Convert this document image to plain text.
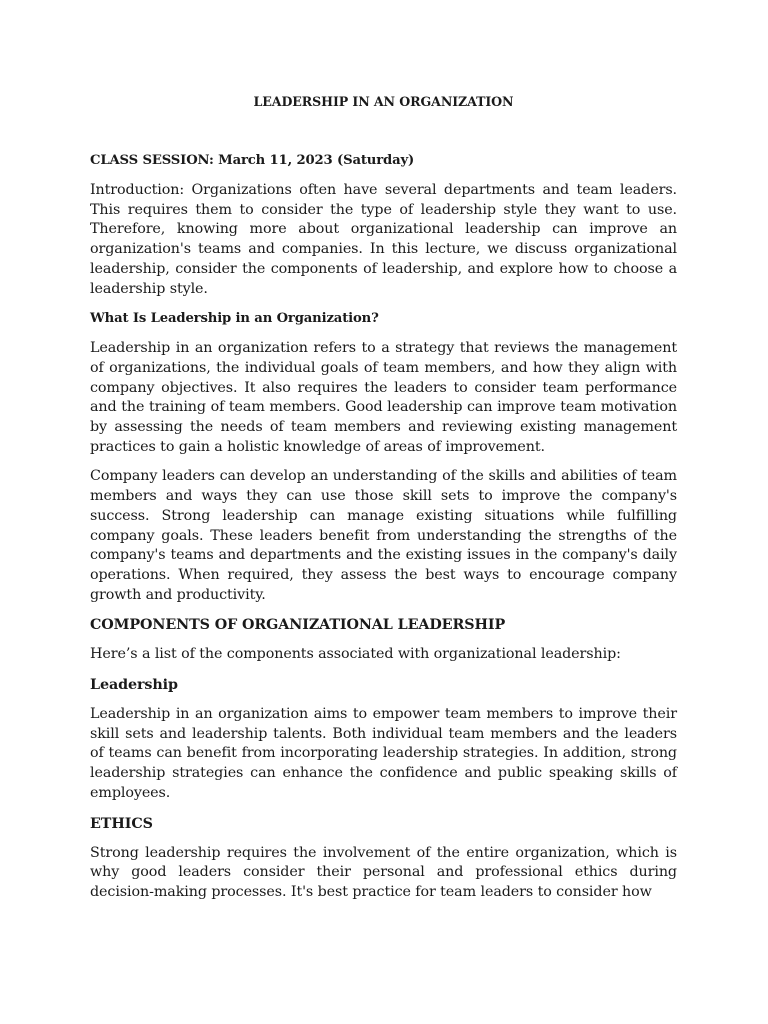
LEADERSHIP IN AN ORGANIZATION
CLASS SESSION: March 11, 2023 (Saturday)

Introduction: Organizations often have several departments and team leaders. This requires them to consider the type of leadership style they want to use. Therefore, knowing more about organizational leadership can improve an organization's teams and companies. In this lecture, we discuss organizational leadership, consider the components of leadership, and explore how to choose a leadership style.

What Is Leadership in an Organization?

Leadership in an organization refers to a strategy that reviews the management of organizations, the individual goals of team members, and how they align with company objectives. It also requires the leaders to consider team performance and the training of team members. Good leadership can improve team motivation by assessing the needs of team members and reviewing existing management practices to gain a holistic knowledge of areas of improvement.

Company leaders can develop an understanding of the skills and abilities of team members and ways they can use those skill sets to improve the company's success. Strong leadership can manage existing situations while fulfilling company goals. These leaders benefit from understanding the strengths of the company's teams and departments and the existing issues in the company's daily operations. When required, they assess the best ways to encourage company growth and productivity.

COMPONENTS OF ORGANIZATIONAL LEADERSHIP

Here’s a list of the components associated with organizational leadership:

Leadership

Leadership in an organization aims to empower team members to improve their skill sets and leadership talents. Both individual team members and the leaders of teams can benefit from incorporating leadership strategies. In addition, strong leadership strategies can enhance the confidence and public speaking skills of employees.

ETHICS

Strong leadership requires the involvement of the entire organization, which is why good leaders consider their personal and professional ethics during decision-making processes. It's best practice for team leaders to consider how
